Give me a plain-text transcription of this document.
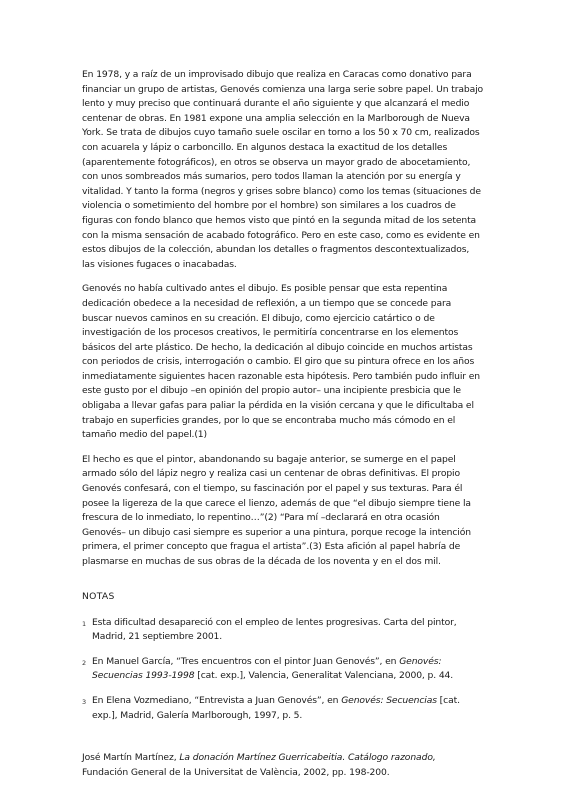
En 1978, y a raíz de un improvisado dibujo que realiza en Caracas como donativo para financiar un grupo de artistas, Genovés comienza una larga serie sobre papel. Un trabajo lento y muy preciso que continuará durante el año siguiente y que alcanzará el medio centenar de obras. En 1981 expone una amplia selección en la Marlborough de Nueva York. Se trata de dibujos cuyo tamaño suele oscilar en torno a los 50 x 70 cm, realizados con acuarela y lápiz o carboncillo. En algunos destaca la exactitud de los detalles (aparentemente fotográficos), en otros se observa un mayor grado de abocetamiento, con unos sombreados más sumarios, pero todos llaman la atención por su energía y vitalidad. Y tanto la forma (negros y grises sobre blanco) como los temas (situaciones de violencia o sometimiento del hombre por el hombre) son similares a los cuadros de figuras con fondo blanco que hemos visto que pintó en la segunda mitad de los setenta con la misma sensación de acabado fotográfico. Pero en este caso, como es evidente en estos dibujos de la colección, abundan los detalles o fragmentos descontextualizados, las visiones fugaces o inacabadas.

Genovés no había cultivado antes el dibujo. Es posible pensar que esta repentina dedicación obedece a la necesidad de reflexión, a un tiempo que se concede para buscar nuevos caminos en su creación. El dibujo, como ejercicio catártico o de investigación de los procesos creativos, le permitiría concentrarse en los elementos básicos del arte plástico. De hecho, la dedicación al dibujo coincide en muchos artistas con periodos de crisis, interrogación o cambio. El giro que su pintura ofrece en los años inmediatamente siguientes hacen razonable esta hipótesis. Pero también pudo influir en este gusto por el dibujo –en opinión del propio autor– una incipiente presbicia que le obligaba a llevar gafas para paliar la pérdida en la visión cercana y que le dificultaba el trabajo en superficies grandes, por lo que se encontraba mucho más cómodo en el tamaño medio del papel.(1)

El hecho es que el pintor, abandonando su bagaje anterior, se sumerge en el papel armado sólo del lápiz negro y realiza casi un centenar de obras definitivas. El propio Genovés confesará, con el tiempo, su fascinación por el papel y sus texturas. Para él posee la ligereza de la que carece el lienzo, además de que “el dibujo siempre tiene la frescura de lo inmediato, lo repentino…”(2) “Para mí –declarará en otra ocasión Genovés– un dibujo casi siempre es superior a una pintura, porque recoge la intención primera, el primer concepto que fragua el artista”.(3) Esta afición al papel habría de plasmarse en muchas de sus obras de la década de los noventa y en el dos mil.

NOTAS
1 Esta dificultad desapareció con el empleo de lentes progresivas. Carta del pintor, Madrid, 21 septiembre 2001.
2 En Manuel García, “Tres encuentros con el pintor Juan Genovés”, en Genovés: Secuencias 1993-1998 [cat. exp.], Valencia, Generalitat Valenciana, 2000, p. 44.
3 En Elena Vozmediano, “Entrevista a Juan Genovés”, en Genovés: Secuencias [cat. exp.], Madrid, Galería Marlborough, 1997, p. 5.
José Martín Martínez, La donación Martínez Guerricabeitia. Catálogo razonado, Fundación General de la Universitat de València, 2002, pp. 198-200.
